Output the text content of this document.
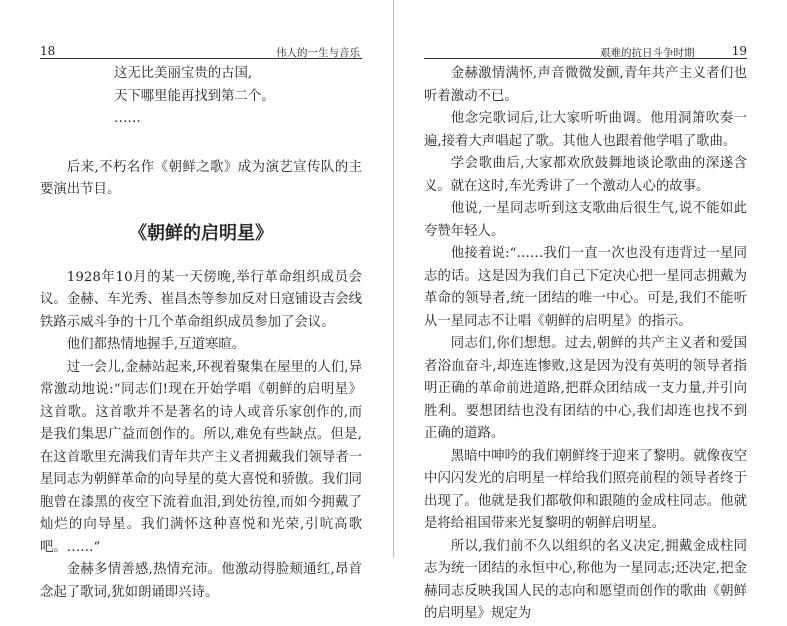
18	伟人的一生与音乐

这无比美丽宝贵的古国,

天下哪里能再找到第二个。

……

后来,不朽名作《朝鲜之歌》成为演艺宣传队的主要演出节目。

《朝鲜的启明星》

1928年10月的某一天傍晚,举行革命组织成员会议。金赫、车光秀、崔昌杰等参加反对日寇铺设吉会线铁路示威斗争的十几个革命组织成员参加了会议。

他们都热情地握手,互道寒暄。

过一会儿,金赫站起来,环视着聚集在屋里的人们,异常激动地说:“同志们!现在开始学唱《朝鲜的启明星》这首歌。这首歌并不是著名的诗人或音乐家创作的,而是我们集思广益而创作的。所以,难免有些缺点。但是,在这首歌里充满我们青年共产主义者拥戴我们领导者一星同志为朝鲜革命的向导星的莫大喜悦和骄傲。我们同胞曾在漆黑的夜空下流着血泪,到处彷徨,而如今拥戴了灿烂的向导星。我们满怀这种喜悦和光荣,引吭高歌吧。……”

金赫多情善感,热情充沛。他激动得脸颊通红,昂首念起了歌词,犹如朗诵即兴诗。

艰难的抗日斗争时期	19

金赫激情满怀,声音微微发颤,青年共产主义者们也听着激动不已。

他念完歌词后,让大家听听曲调。他用洞箫吹奏一遍,接着大声唱起了歌。其他人也跟着他学唱了歌曲。

学会歌曲后,大家都欢欣鼓舞地谈论歌曲的深遂含义。就在这时,车光秀讲了一个激动人心的故事。

他说,一星同志听到这支歌曲后很生气,说不能如此夸赞年轻人。

他接着说:“……我们一直一次也没有违背过一星同志的话。这是因为我们自己下定决心把一星同志拥戴为革命的领导者,统一团结的唯一中心。可是,我们不能听从一星同志不让唱《朝鲜的启明星》的指示。

同志们,你们想想。过去,朝鲜的共产主义者和爱国者浴血奋斗,却连连惨败,这是因为没有英明的领导者指明正确的革命前进道路,把群众团结成一支力量,并引向胜利。要想团结也没有团结的中心,我们却连也找不到正确的道路。

黑暗中呻吟的我们朝鲜终于迎来了黎明。就像夜空中闪闪发光的启明星一样给我们照亮前程的领导者终于出现了。他就是我们都敬仰和跟随的金成柱同志。他就是将给祖国带来光复黎明的朝鲜启明星。

所以,我们前不久以组织的名义决定,拥戴金成柱同志为统一团结的永恒中心,称他为一星同志;还决定,把金赫同志反映我国人民的志向和愿望而创作的歌曲《朝鲜的启明星》规定为
